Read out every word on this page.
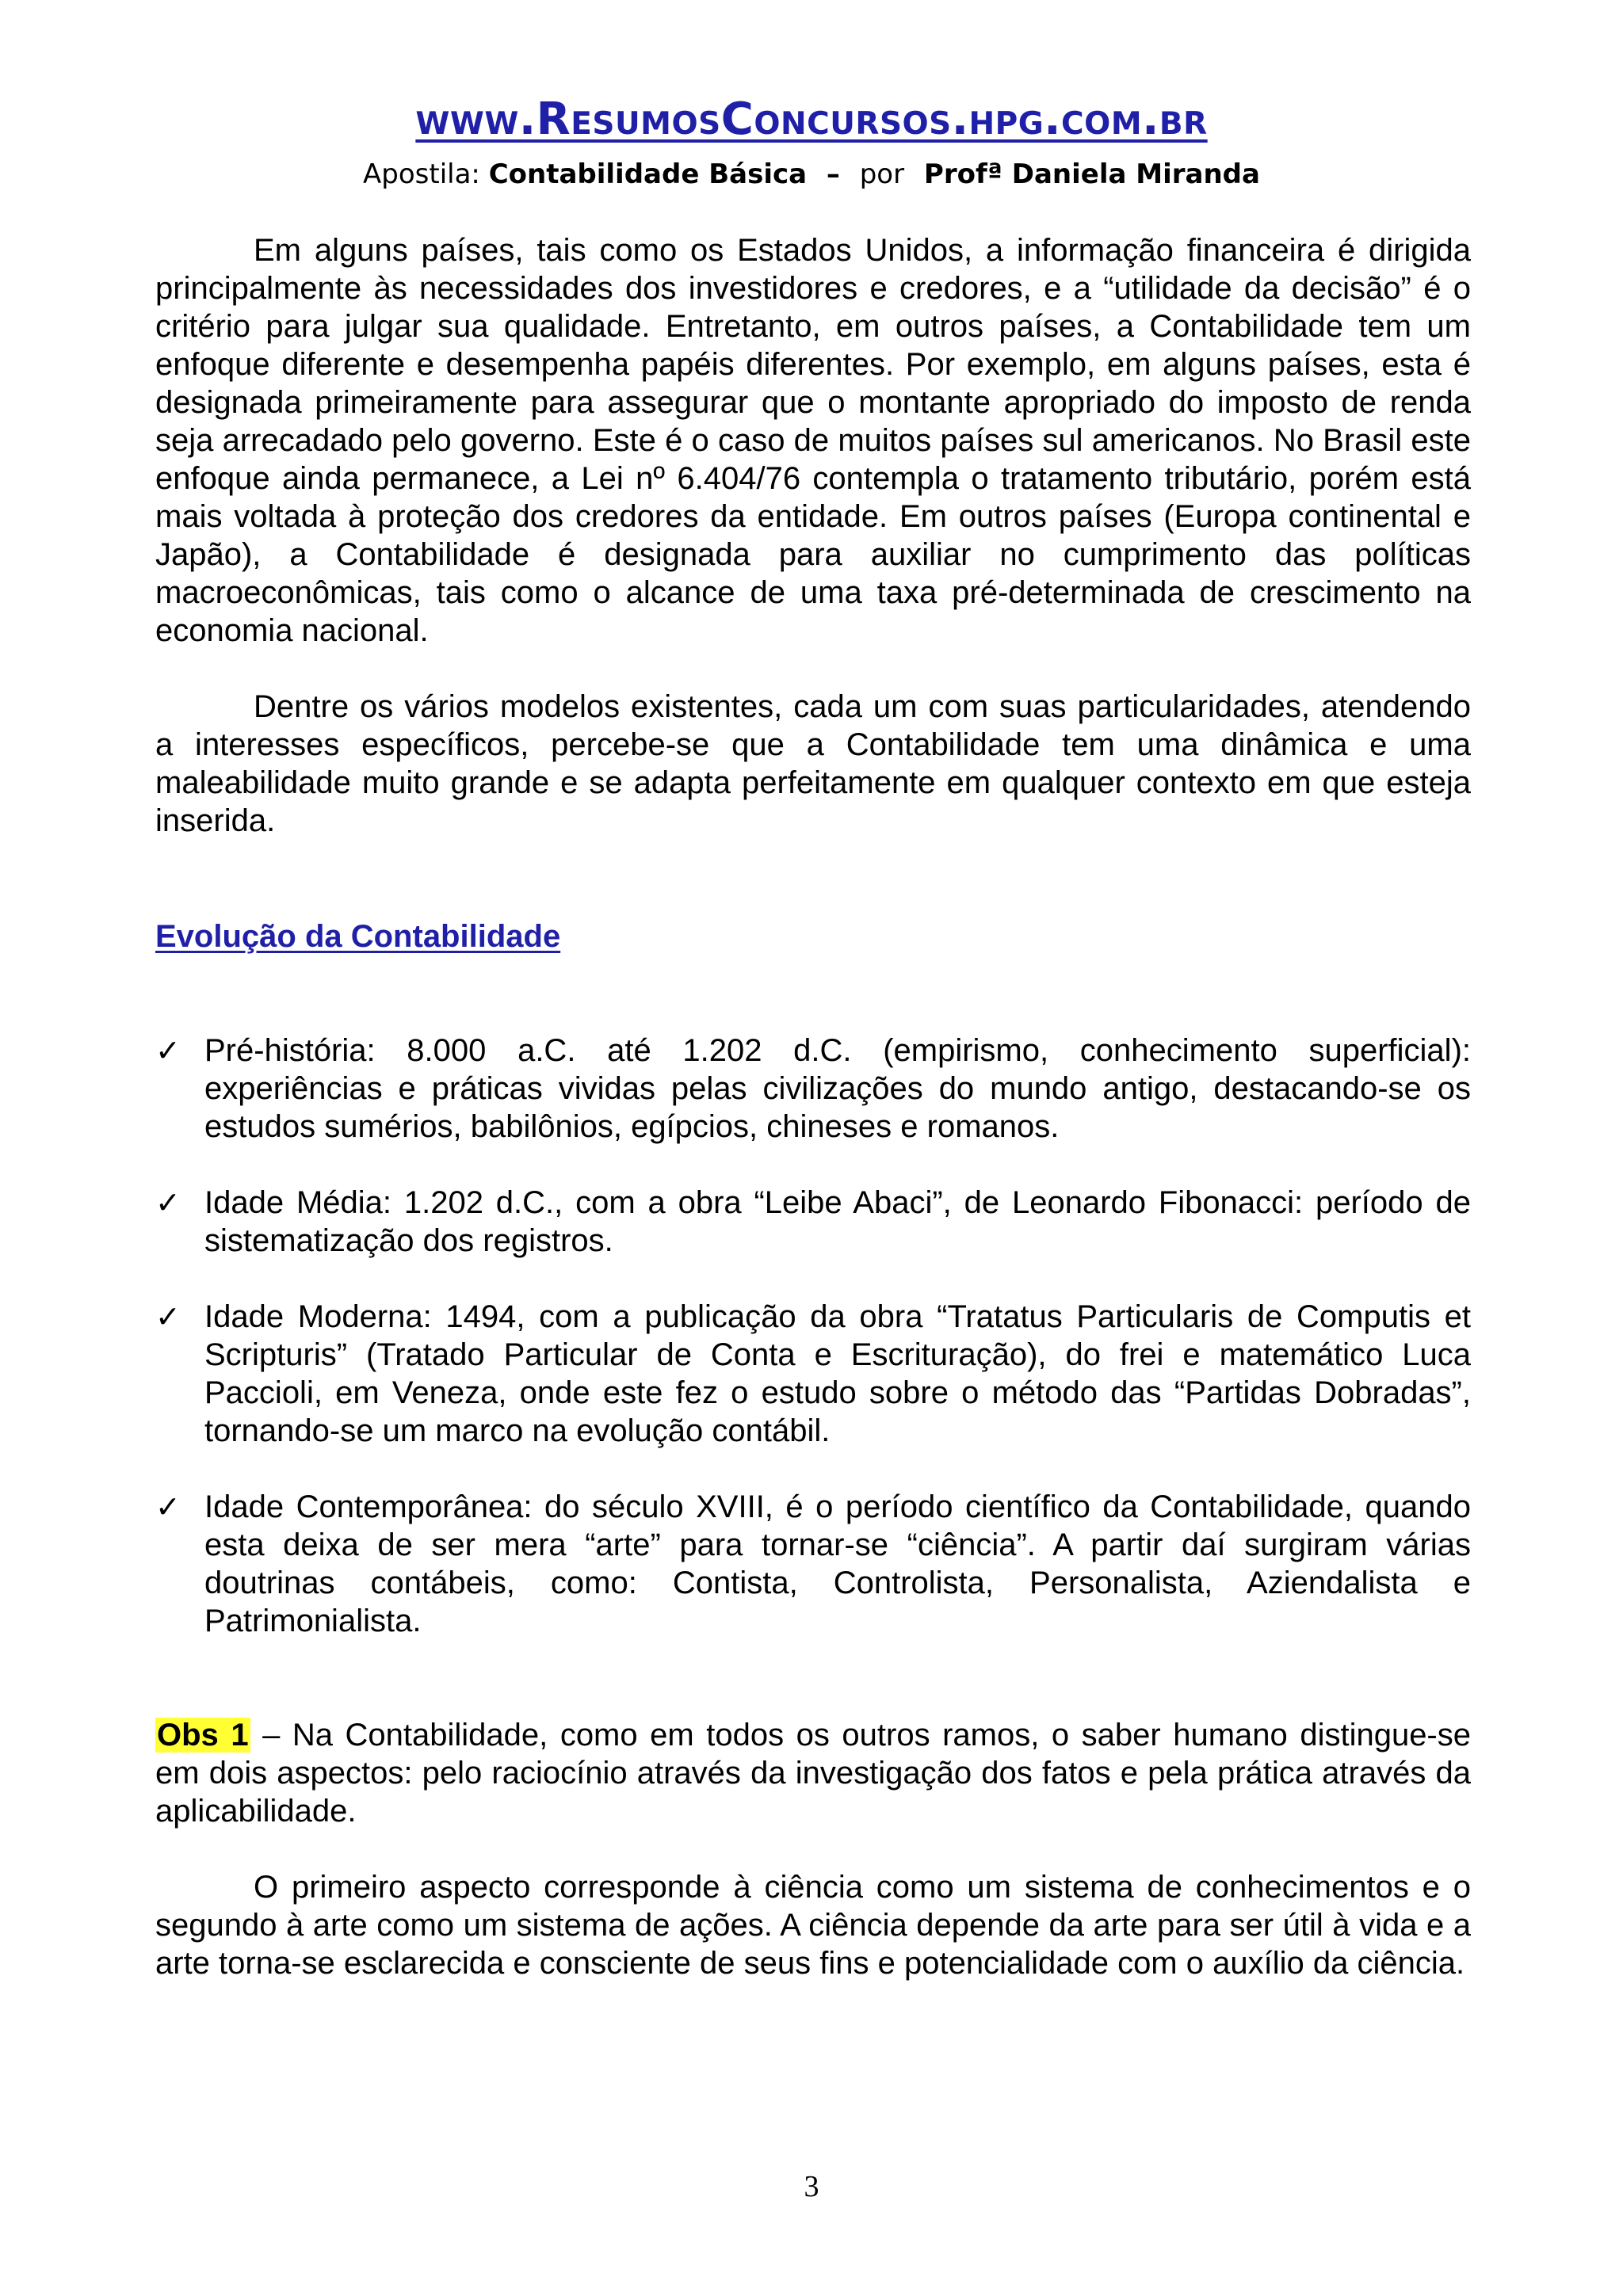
www.ResumosConcursos.hpg.com.br
Apostila: Contabilidade Básica – por Profª Daniela Miranda

Em alguns países, tais como os Estados Unidos, a informação financeira é dirigida principalmente às necessidades dos investidores e credores, e a “utilidade da decisão” é o critério para julgar sua qualidade. Entretanto, em outros países, a Contabilidade tem um enfoque diferente e desempenha papéis diferentes. Por exemplo, em alguns países, esta é designada primeiramente para assegurar que o montante apropriado do imposto de renda seja arrecadado pelo governo. Este é o caso de muitos países sul americanos. No Brasil este enfoque ainda permanece, a Lei nº 6.404/76 contempla o tratamento tributário, porém está mais voltada à proteção dos credores da entidade. Em outros países (Europa continental e Japão), a Contabilidade é designada para auxiliar no cumprimento das políticas macroeconômicas, tais como o alcance de uma taxa pré-determinada de crescimento na economia nacional.

Dentre os vários modelos existentes, cada um com suas particularidades, atendendo a interesses específicos, percebe-se que a Contabilidade tem uma dinâmica e uma maleabilidade muito grande e se adapta perfeitamente em qualquer contexto em que esteja inserida.

Evolução da Contabilidade
✓ Pré-história: 8.000 a.C. até 1.202 d.C. (empirismo, conhecimento superficial): experiências e práticas vividas pelas civilizações do mundo antigo, destacando-se os estudos sumérios, babilônios, egípcios, chineses e romanos.

✓ Idade Média: 1.202 d.C., com a obra “Leibe Abaci”, de Leonardo Fibonacci: período de sistematização dos registros.

✓ Idade Moderna: 1494, com a publicação da obra “Tratatus Particularis de Computis et Scripturis” (Tratado Particular de Conta e Escrituração), do frei e matemático Luca Paccioli, em Veneza, onde este fez o estudo sobre o método das “Partidas Dobradas”, tornando-se um marco na evolução contábil.

✓ Idade Contemporânea: do século XVIII, é o período científico da Contabilidade, quando esta deixa de ser mera “arte” para tornar-se “ciência”. A partir daí surgiram várias doutrinas contábeis, como: Contista, Controlista, Personalista, Aziendalista e Patrimonialista.

Obs 1 – Na Contabilidade, como em todos os outros ramos, o saber humano distingue-se em dois aspectos: pelo raciocínio através da investigação dos fatos e pela prática através da aplicabilidade.

O primeiro aspecto corresponde à ciência como um sistema de conhecimentos e o segundo à arte como um sistema de ações. A ciência depende da arte para ser útil à vida e a arte torna-se esclarecida e consciente de seus fins e potencialidade com o auxílio da ciência.

3
